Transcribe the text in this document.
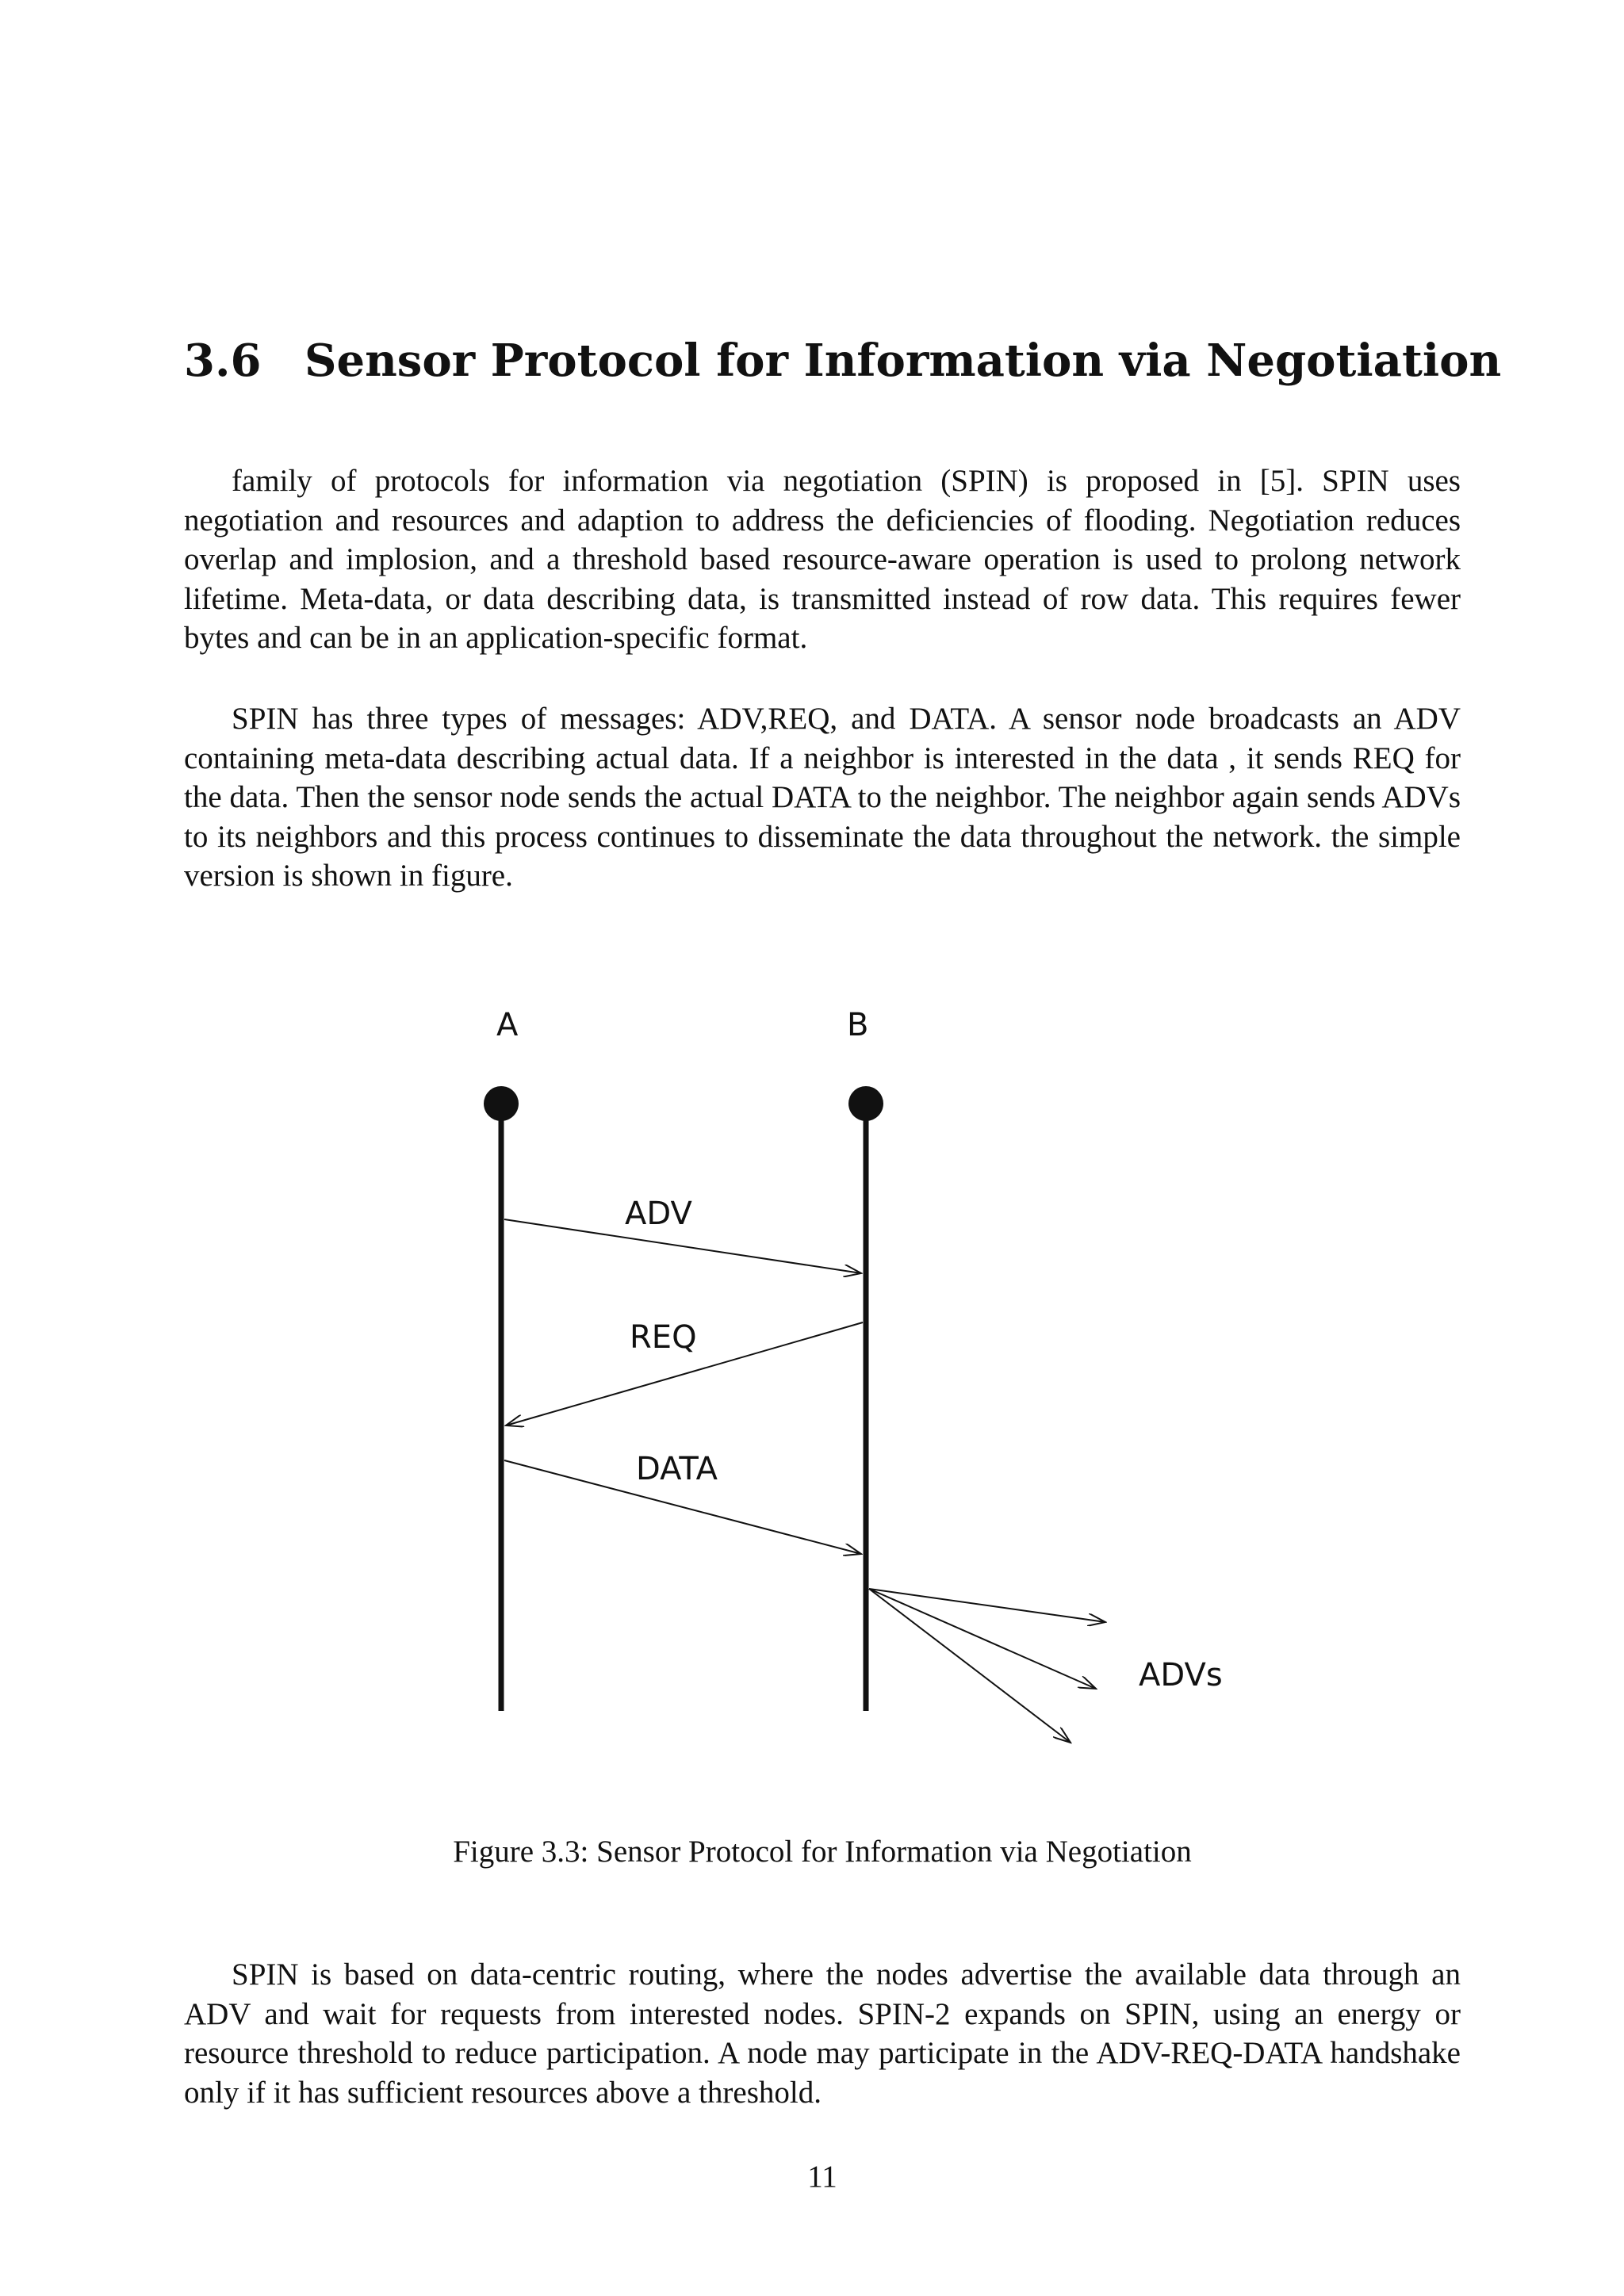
3.6 Sensor Protocol for Information via Negotiation

family of protocols for information via negotiation (SPIN) is proposed in [5]. SPIN uses negotiation and resources and adaption to address the deficiencies of flooding. Negotiation reduces overlap and implosion, and a threshold based resource-aware operation is used to prolong network lifetime. Meta-data, or data describing data, is transmitted instead of row data. This requires fewer bytes and can be in an application-specific format.

SPIN has three types of messages: ADV,REQ, and DATA. A sensor node broadcasts an ADV containing meta-data describing actual data. If a neighbor is interested in the data , it sends REQ for the data. Then the sensor node sends the actual DATA to the neighbor. The neighbor again sends ADVs to its neighbors and this process continues to disseminate the data throughout the network. the simple version is shown in figure.

A	B
ADV
REQ
DATA
ADVs

Figure 3.3: Sensor Protocol for Information via Negotiation

SPIN is based on data-centric routing, where the nodes advertise the available data through an ADV and wait for requests from interested nodes. SPIN-2 expands on SPIN, using an energy or resource threshold to reduce participation. A node may participate in the ADV-REQ-DATA handshake only if it has sufficient resources above a threshold.

11
